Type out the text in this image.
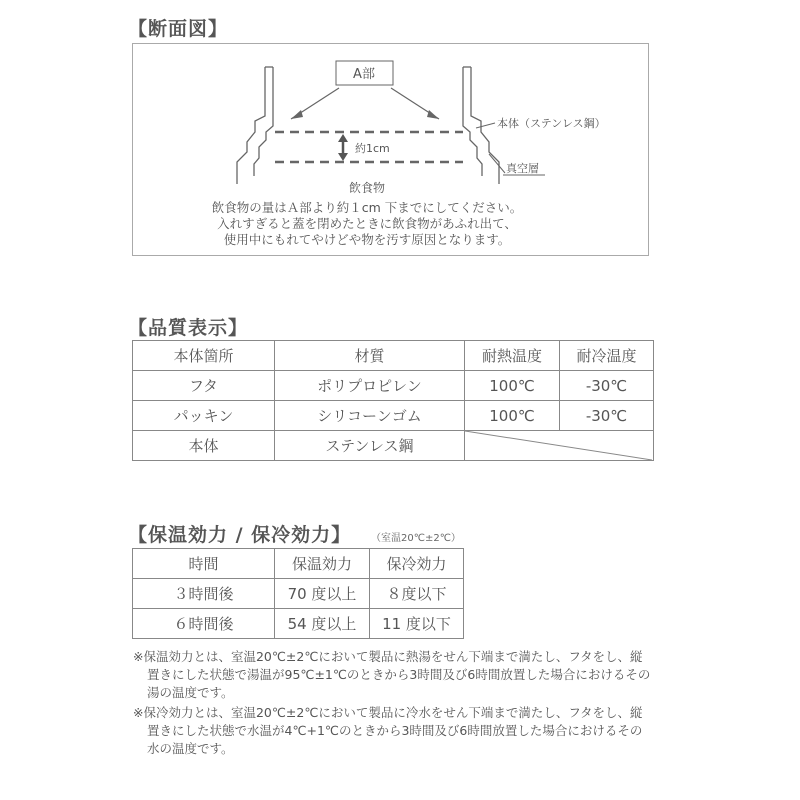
【断面図】
A部
約1cm
本体（ステンレス鋼）
真空層
飲食物
飲食物の量はＡ部より約１cm 下までにしてください。
入れすぎると蓋を閉めたときに飲食物があふれ出て、
使用中にもれてやけどや物を汚す原因となります。
【品質表示】
本体箇所	材質	耐熱温度	耐冷温度
フタ	ポリプロピレン	100℃	-30℃
パッキン	シリコーンゴム	100℃	-30℃
本体	ステンレス鋼	
【保温効力 / 保冷効力】 （室温20℃±2℃）
時間	保温効力	保冷効力
３時間後	70 度以上	８度以下
６時間後	54 度以上	11 度以下

※保温効力とは、室温20℃±2℃において製品に熱湯をせん下端まで満たし、フタをし、縦置きにした状態で湯温が95℃±1℃のときから3時間及び6時間放置した場合におけるその湯の温度です。

※保冷効力とは、室温20℃±2℃において製品に冷水をせん下端まで満たし、フタをし、縦置きにした状態で水温が4℃+1℃のときから3時間及び6時間放置した場合におけるその水の温度です。
